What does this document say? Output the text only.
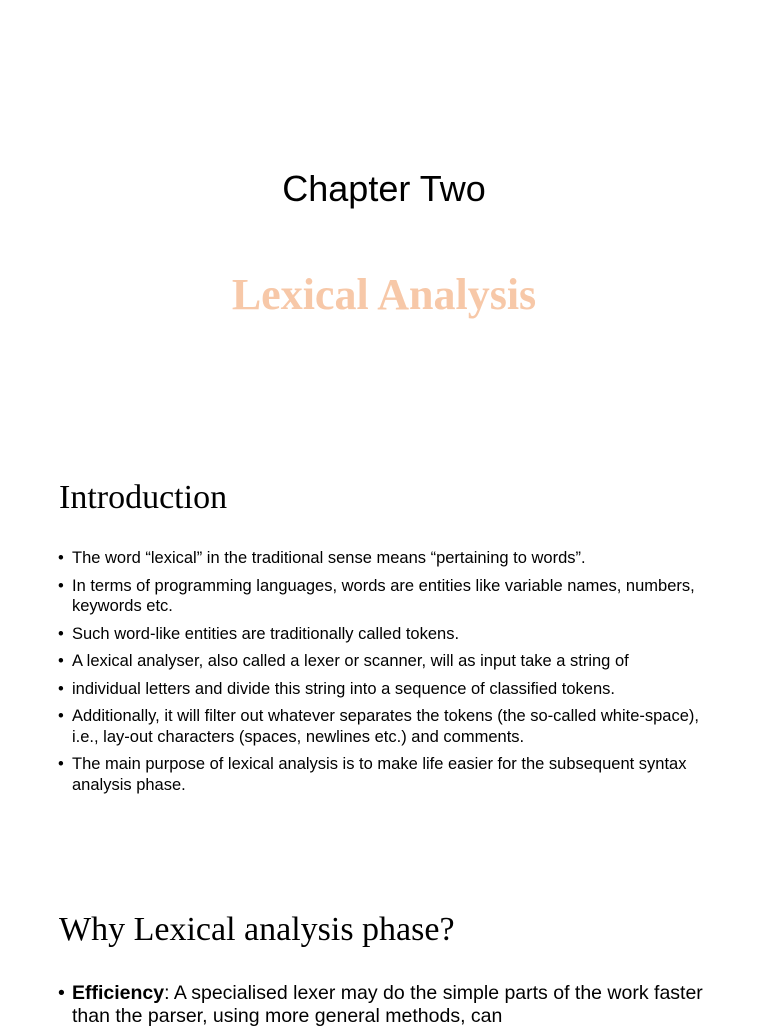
Chapter Two
Lexical Analysis
Introduction
• The word “lexical” in the traditional sense means “pertaining to words”.
• In terms of programming languages, words are entities like variable names, numbers, keywords etc.
• Such word-like entities are traditionally called tokens.
• A lexical analyser, also called a lexer or scanner, will as input take a string of
• individual letters and divide this string into a sequence of classified tokens.
• Additionally, it will filter out whatever separates the tokens (the so-called white-space), i.e., lay-out characters (spaces, newlines etc.) and comments.
• The main purpose of lexical analysis is to make life easier for the subsequent syntax analysis phase.
Why Lexical analysis phase?
• Efficiency: A specialised lexer may do the simple parts of the work faster than the parser, using more general methods, can
